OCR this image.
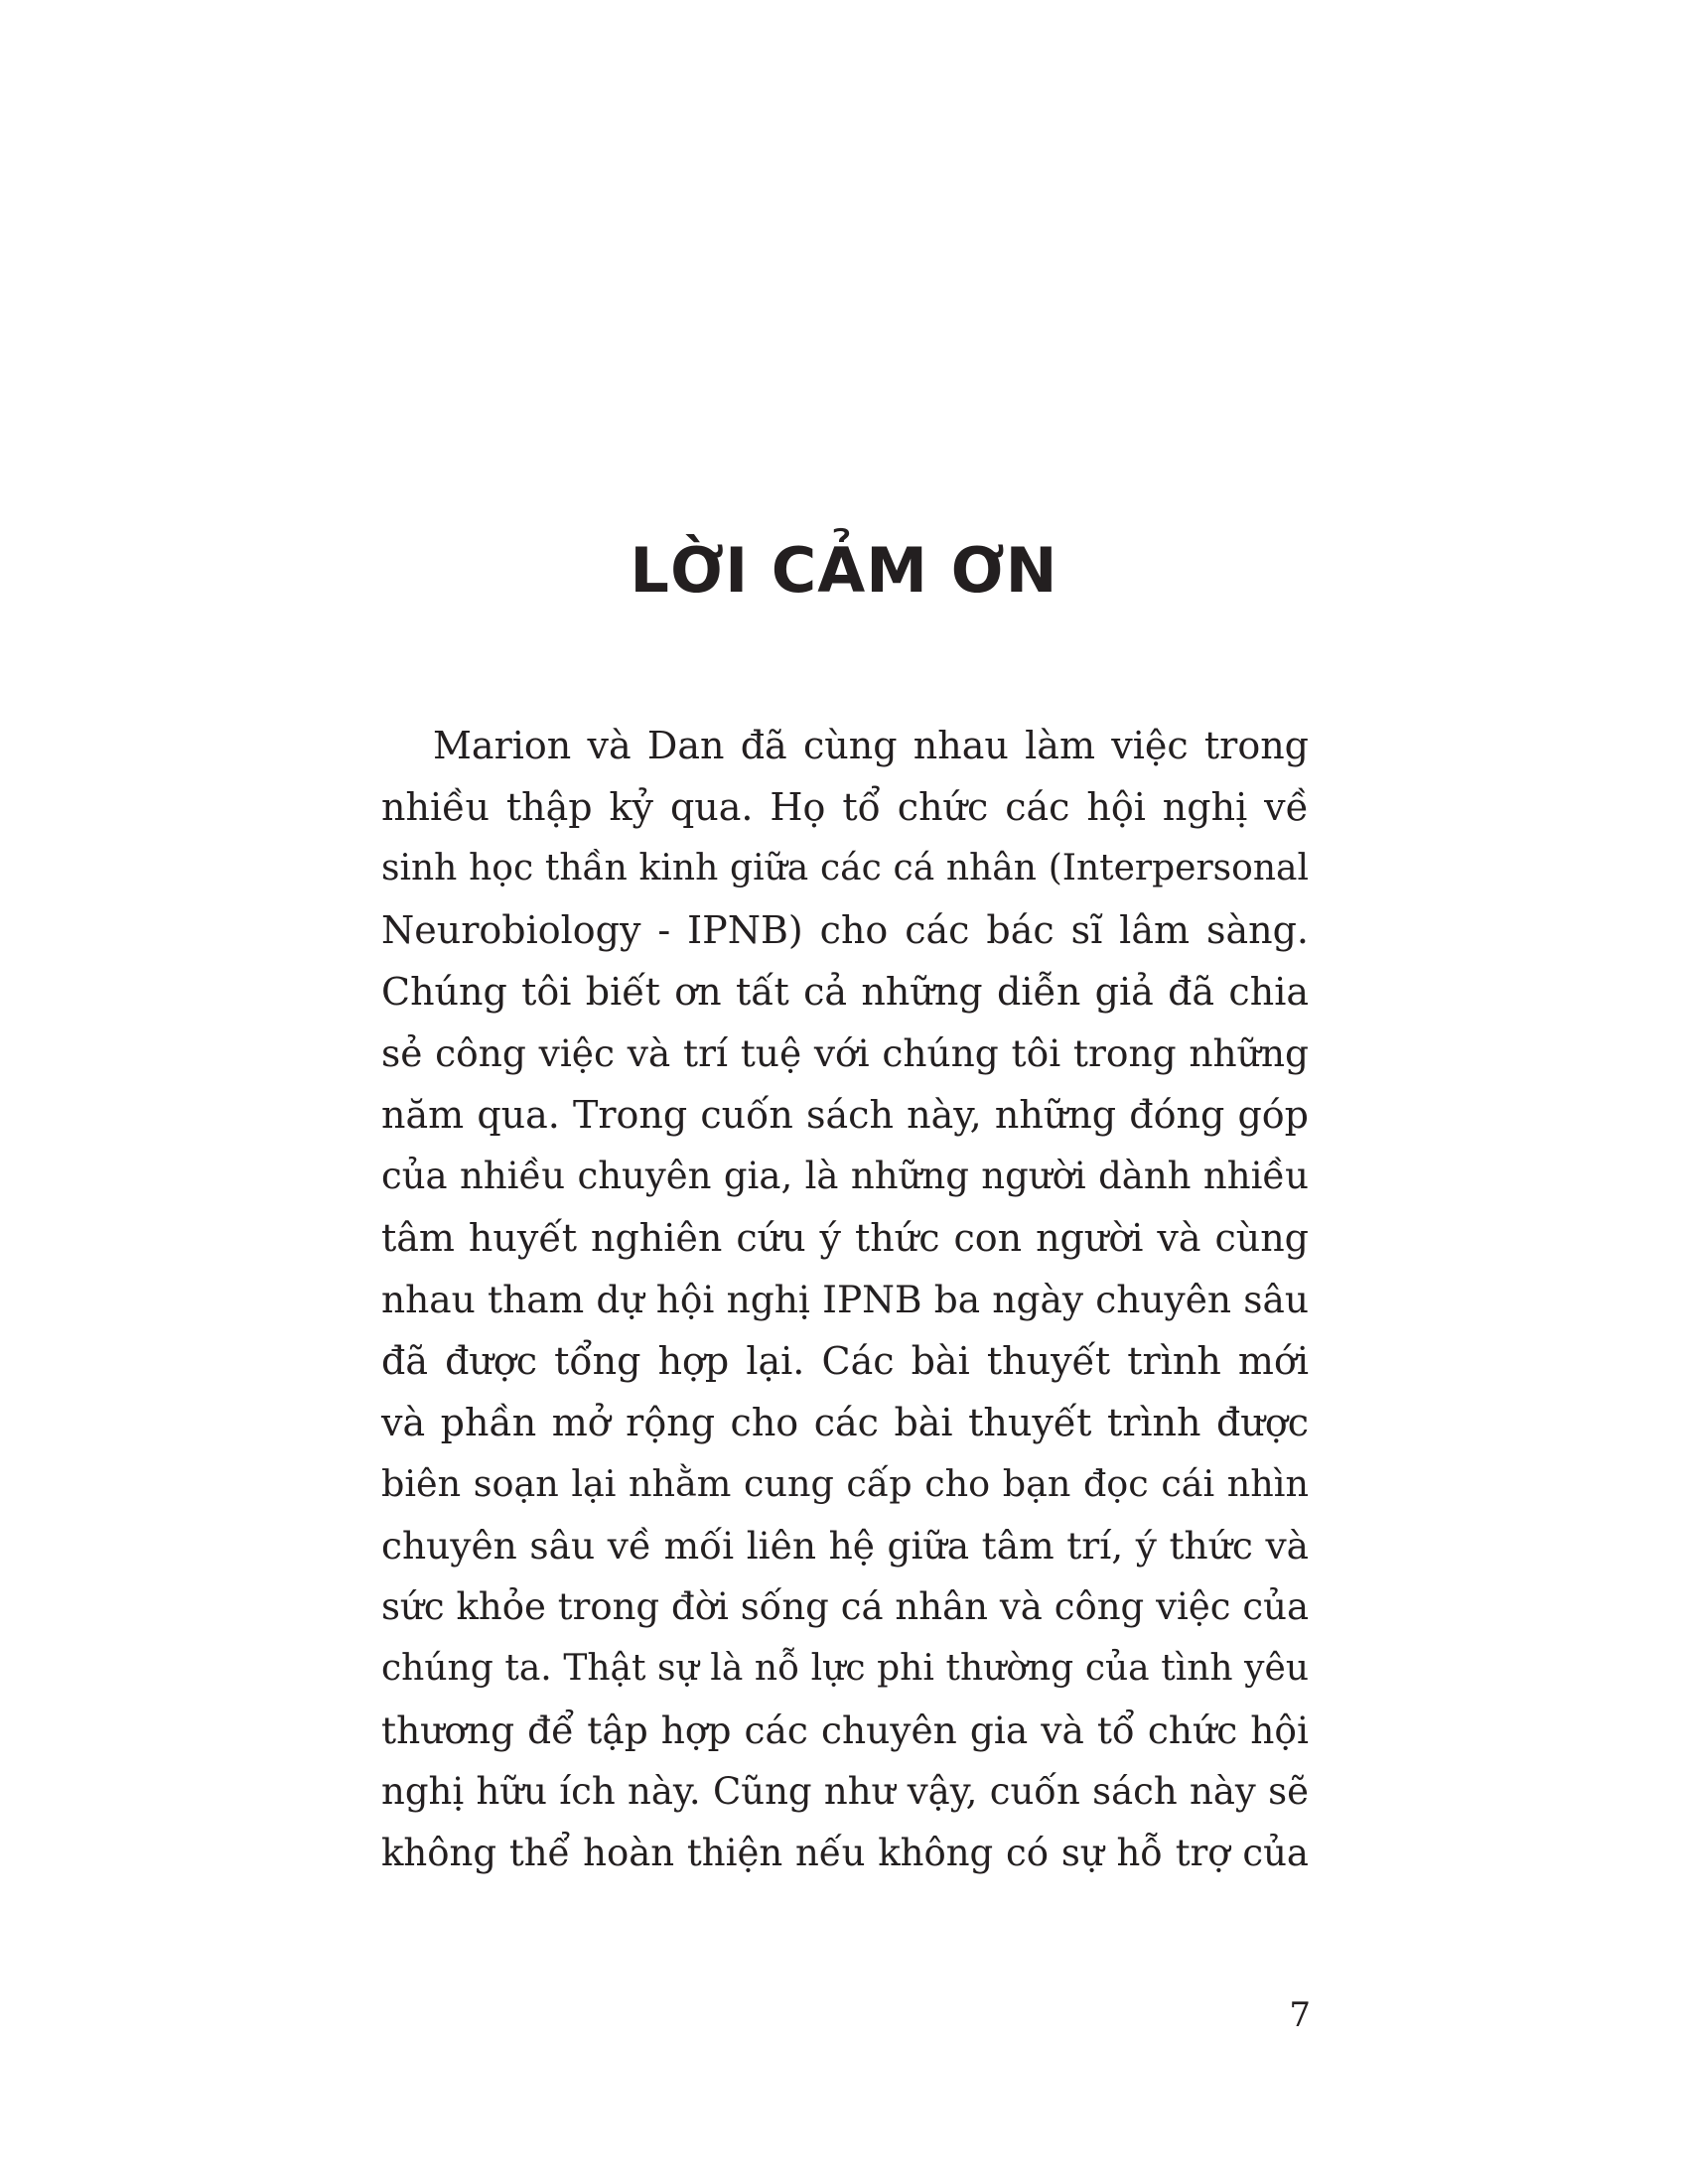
LỜI CẢM ƠN
Marion và Dan đã cùng nhau làm việc trong
nhiều thập kỷ qua. Họ tổ chức các hội nghị về
sinh học thần kinh giữa các cá nhân (Interpersonal
Neurobiology - IPNB) cho các bác sĩ lâm sàng.
Chúng tôi biết ơn tất cả những diễn giả đã chia
sẻ công việc và trí tuệ với chúng tôi trong những
năm qua. Trong cuốn sách này, những đóng góp
của nhiều chuyên gia, là những người dành nhiều
tâm huyết nghiên cứu ý thức con người và cùng
nhau tham dự hội nghị IPNB ba ngày chuyên sâu
đã được tổng hợp lại. Các bài thuyết trình mới
và phần mở rộng cho các bài thuyết trình được
biên soạn lại nhằm cung cấp cho bạn đọc cái nhìn
chuyên sâu về mối liên hệ giữa tâm trí, ý thức và
sức khỏe trong đời sống cá nhân và công việc của
chúng ta. Thật sự là nỗ lực phi thường của tình yêu
thương để tập hợp các chuyên gia và tổ chức hội
nghị hữu ích này. Cũng như vậy, cuốn sách này sẽ
không thể hoàn thiện nếu không có sự hỗ trợ của
7
